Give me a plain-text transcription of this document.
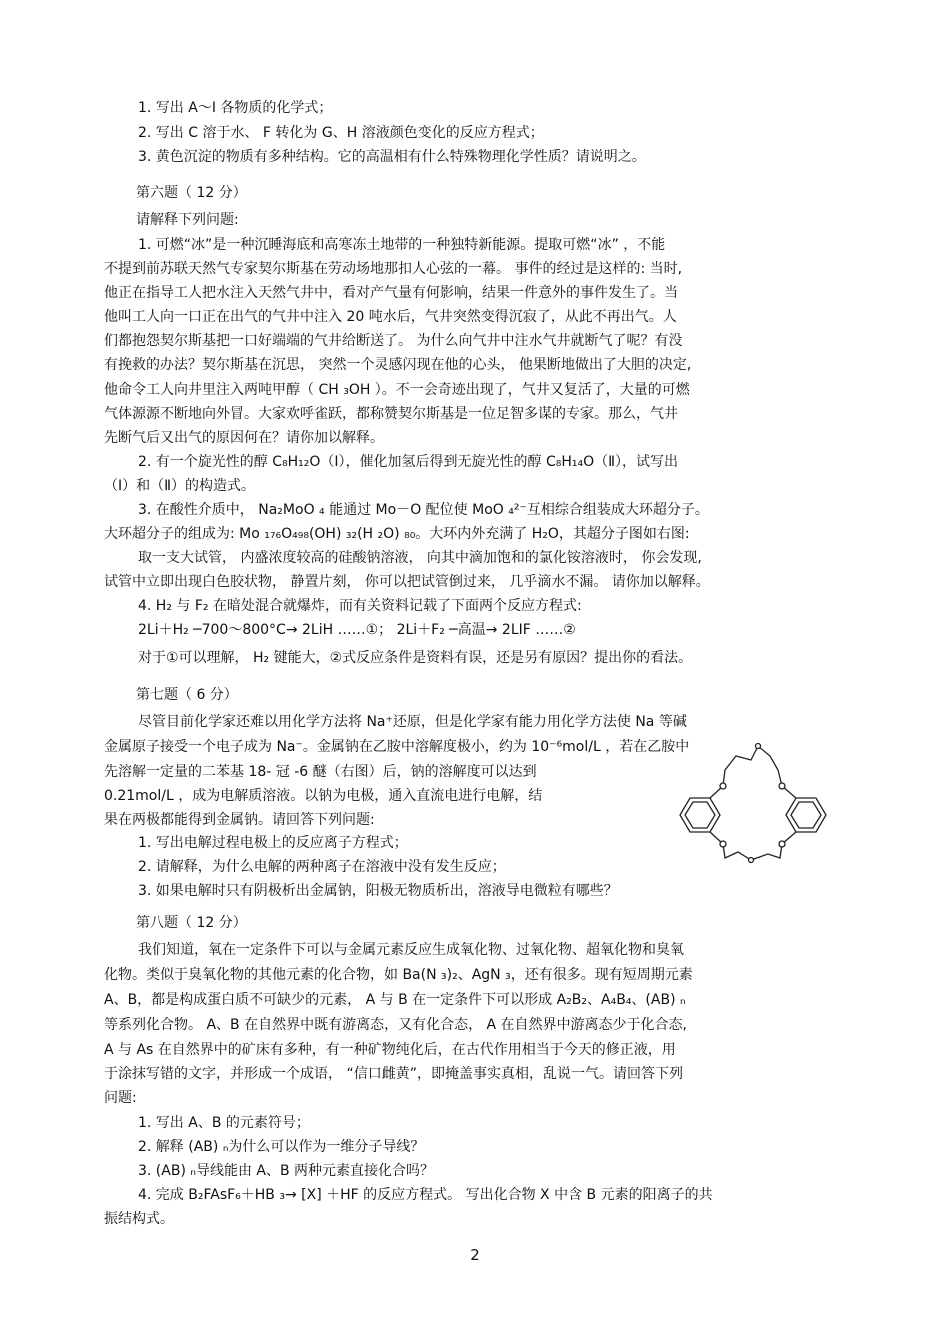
1. 写出 A～I 各物质的化学式；
2. 写出 C 溶于水、 F 转化为 G、H 溶液颜色变化的反应方程式；
3. 黄色沉淀的物质有多种结构。它的高温相有什么特殊物理化学性质？请说明之。
第六题（ 12 分）
请解释下列问题:
1. 可燃“冰”是一种沉睡海底和高寒冻土地带的一种独特新能源。提取可燃“冰” ，不能
不提到前苏联天然气专家契尔斯基在劳动场地那扣人心弦的一幕。 事件的经过是这样的: 当时,
他正在指导工人把水注入天然气井中，看对产气量有何影响，结果一件意外的事件发生了。当
他叫工人向一口正在出气的气井中注入 20 吨水后，气井突然变得沉寂了，从此不再出气。人
们都抱怨契尔斯基把一口好端端的气井给断送了。 为什么向气井中注水气井就断气了呢？有没
有挽救的办法？契尔斯基在沉思， 突然一个灵感闪现在他的心头， 他果断地做出了大胆的决定,
他命令工人向井里注入两吨甲醇（ CH ₃OH ）。不一会奇迹出现了，气井又复活了，大量的可燃
气体源源不断地向外冒。大家欢呼雀跃，都称赞契尔斯基是一位足智多谋的专家。那么，气井
先断气后又出气的原因何在？请你加以解释。
2. 有一个旋光性的醇 C₈H₁₂O（Ⅰ），催化加氢后得到无旋光性的醇 C₈H₁₄O（Ⅱ），试写出
（Ⅰ）和（Ⅱ）的构造式。
3. 在酸性介质中， Na₂MoO ₄ 能通过 Mo－O 配位使 MoO ₄²⁻互相综合组装成大环超分子。
大环超分子的组成为: Mo ₁₇₆O₄₉₈(OH) ₃₂(H ₂O) ₈₀。大环内外充满了 H₂O，其超分子图如右图:
取一支大试管， 内盛浓度较高的硅酸钠溶液， 向其中滴加饱和的氯化铵溶液时， 你会发现,
试管中立即出现白色胶状物， 静置片刻， 你可以把试管倒过来， 几乎滴水不漏。 请你加以解释。
4. H₂ 与 F₂ 在暗处混合就爆炸，而有关资料记载了下面两个反应方程式:
2Li＋H₂ ─700～800°C→ 2LiH ……①； 2Li＋F₂ ─高温→ 2LIF ……②
对于①可以理解， H₂ 键能大，②式反应条件是资料有误，还是另有原因？提出你的看法。
第七题（ 6 分）
尽管目前化学家还难以用化学方法将 Na⁺还原，但是化学家有能力用化学方法使 Na 等碱
金属原子接受一个电子成为 Na⁻。金属钠在乙胺中溶解度极小，约为 10⁻⁶mol/L ，若在乙胺中
先溶解一定量的二苯基 18- 冠 -6 醚（右图）后，钠的溶解度可以达到
0.21mol/L ，成为电解质溶液。以钠为电极，通入直流电进行电解，结
果在两极都能得到金属钠。请回答下列问题:
1. 写出电解过程电极上的反应离子方程式；
2. 请解释，为什么电解的两种离子在溶液中没有发生反应；
3. 如果电解时只有阴极析出金属钠，阳极无物质析出，溶液导电微粒有哪些？
第八题（ 12 分）
我们知道，氧在一定条件下可以与金属元素反应生成氧化物、过氧化物、超氧化物和臭氧
化物。类似于臭氧化物的其他元素的化合物，如 Ba(N ₃)₂、AgN ₃，还有很多。现有短周期元素
A、B，都是构成蛋白质不可缺少的元素， A 与 B 在一定条件下可以形成 A₂B₂、A₄B₄、(AB) ₙ
等系列化合物。 A、B 在自然界中既有游离态，又有化合态， A 在自然界中游离态少于化合态,
A 与 As 在自然界中的矿床有多种，有一种矿物纯化后，在古代作用相当于今天的修正液，用
于涂抹写错的文字，并形成一个成语， “信口雌黄”，即掩盖事实真相，乱说一气。请回答下列
问题:
1. 写出 A、B 的元素符号；
2. 解释 (AB) ₙ为什么可以作为一维分子导线？
3. (AB) ₙ导线能由 A、B 两种元素直接化合吗？
4. 完成 B₂FAsF₆＋HB ₃→ [X] ＋HF 的反应方程式。 写出化合物 X 中含 B 元素的阳离子的共
振结构式。
2
